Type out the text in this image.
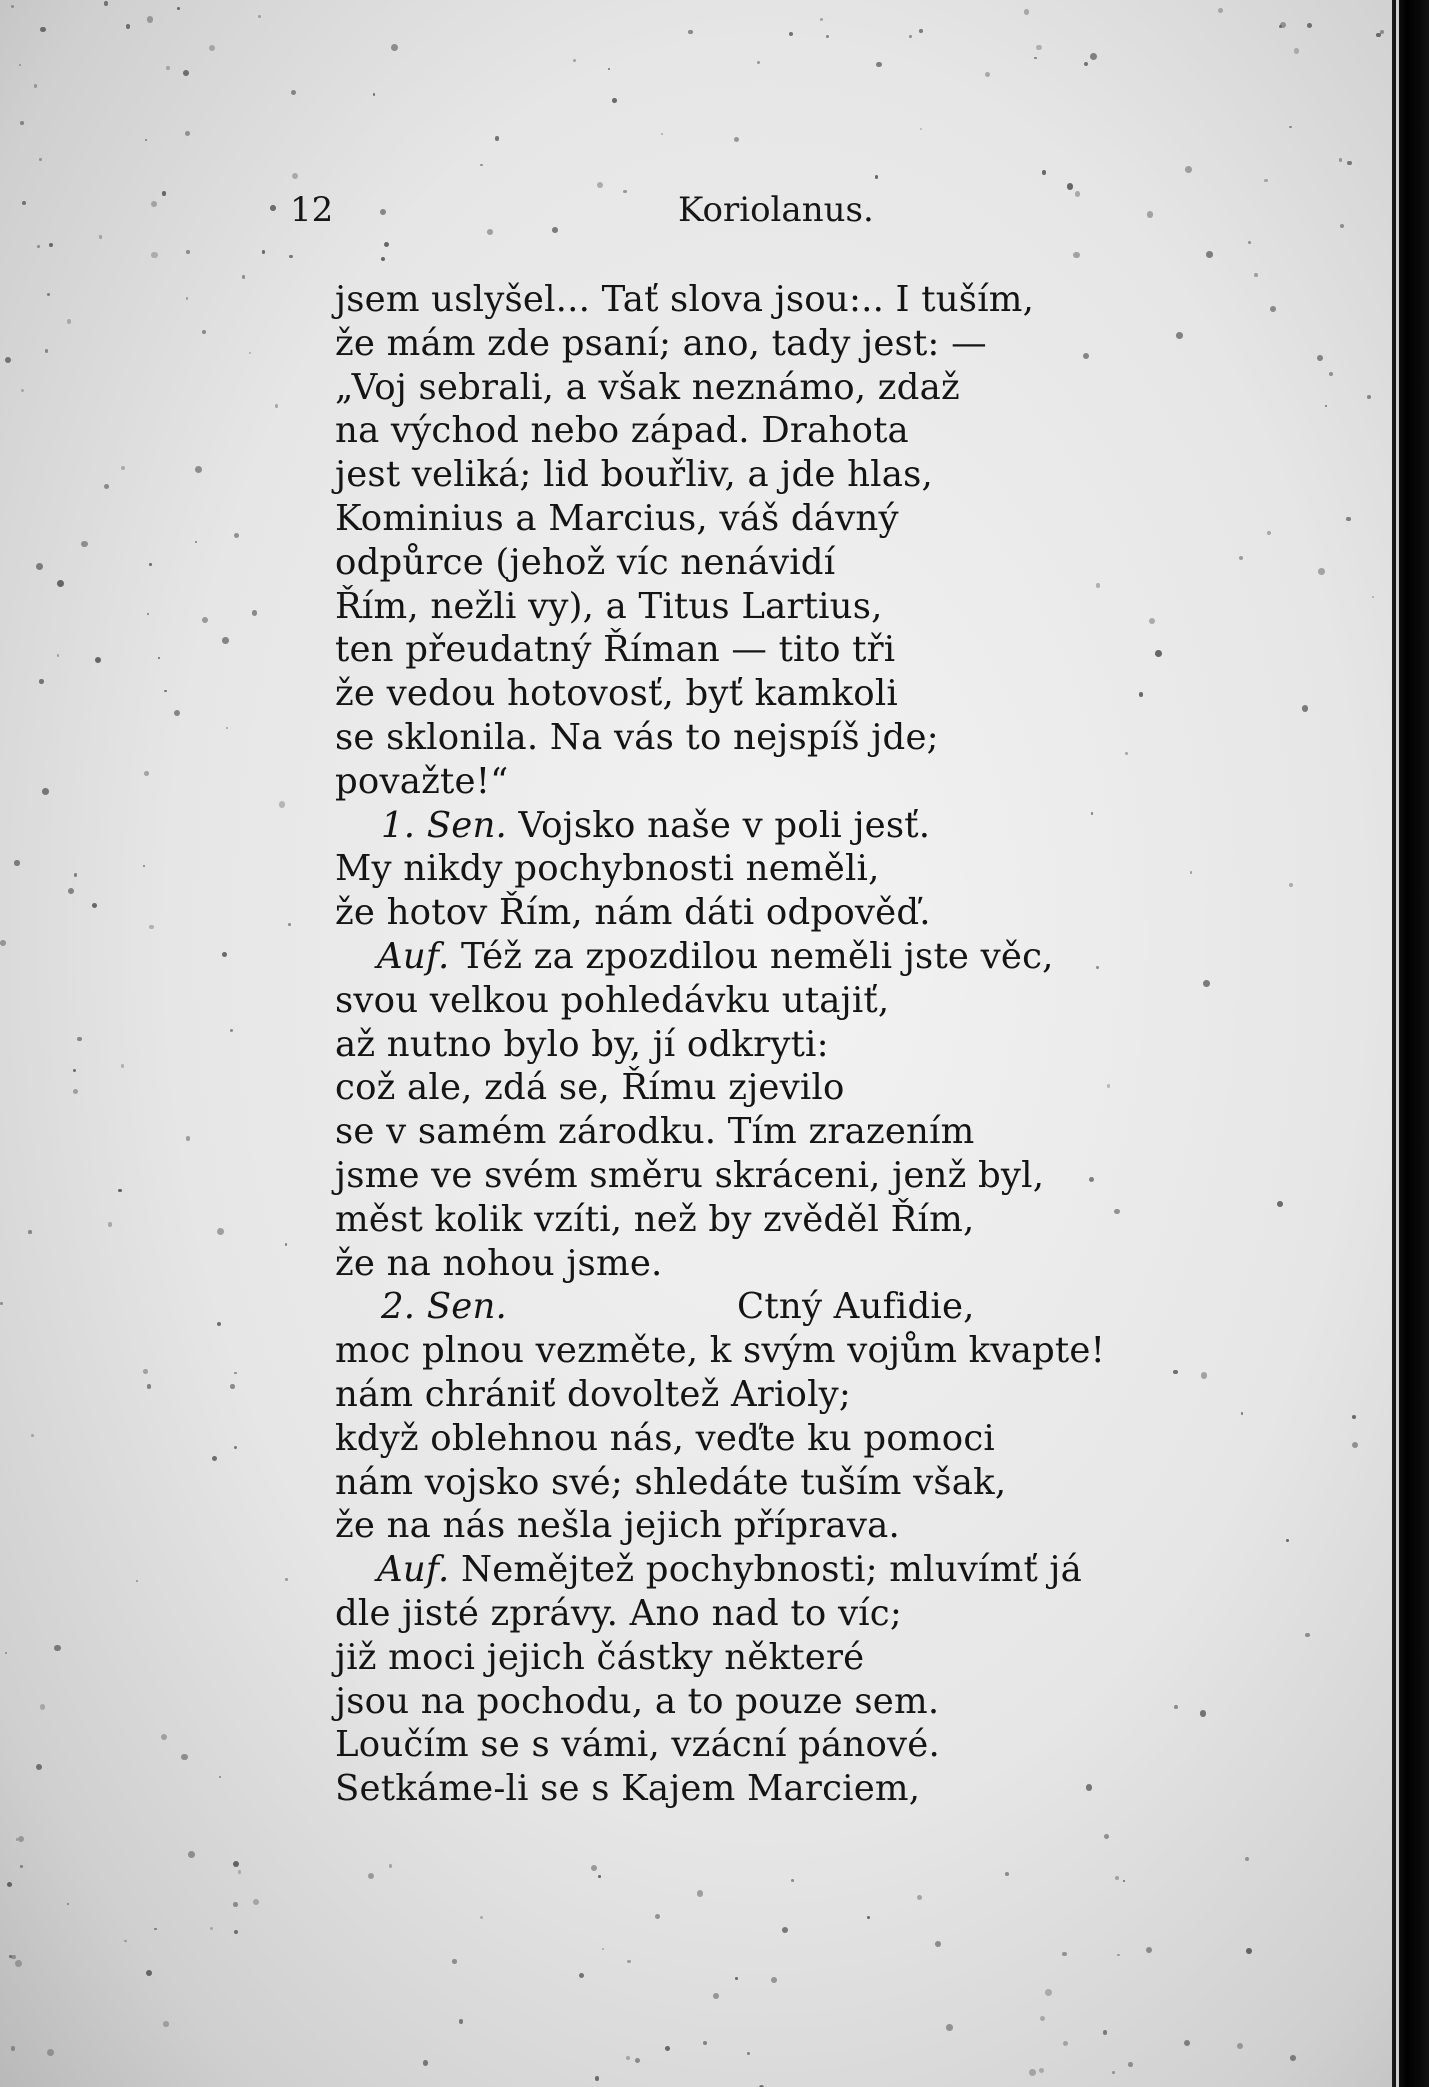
12	Koriolanus.
jsem uslyšel... Tať slova jsou:.. I tuším,
že mám zde psaní; ano, tady jest: —
„Voj sebrali, a však neznámo, zdaž
na východ nebo západ. Drahota
jest veliká; lid bouřliv, a jde hlas,
Kominius a Marcius, váš dávný
odpůrce (jehož víc nenávidí
Řím, nežli vy), a Titus Lartius,
ten přeudatný Říman — tito tři
že vedou hotovosť, byť kamkoli
se sklonila. Na vás to nejspíš jde;
považte!“
1. Sen. Vojsko naše v poli jesť.
My nikdy pochybnosti neměli,
že hotov Řím, nám dáti odpověď.
Auf. Též za zpozdilou neměli jste věc,
svou velkou pohledávku utajiť,
až nutno bylo by, jí odkryti:
což ale, zdá se, Římu zjevilo
se v samém zárodku. Tím zrazením
jsme ve svém směru skráceni, jenž byl,
měst kolik vzíti, než by zvěděl Řím,
že na nohou jsme.
2. Sen.	Ctný Aufidie,
moc plnou vezměte, k svým vojům kvapte!
nám chrániť dovoltež Arioly;
když oblehnou nás, veďte ku pomoci
nám vojsko své; shledáte tuším však,
že na nás nešla jejich příprava.
Auf. Nemějtež pochybnosti; mluvímť já
dle jisté zprávy. Ano nad to víc;
již moci jejich částky některé
jsou na pochodu, a to pouze sem.
Loučím se s vámi, vzácní pánové.
Setkáme-li se s Kajem Marciem,
